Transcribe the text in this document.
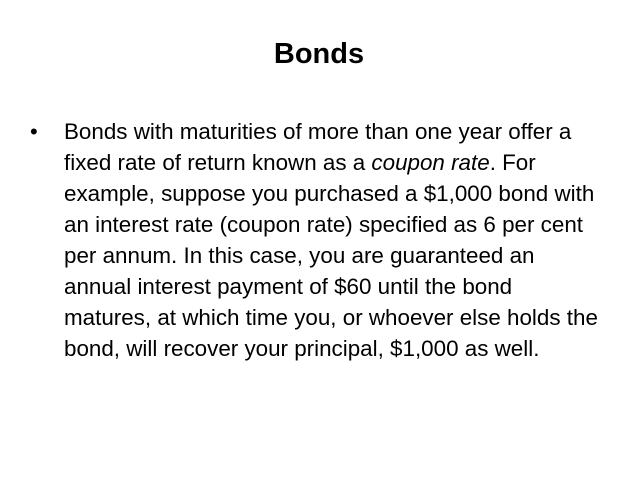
Bonds
•	Bonds with maturities of more than one year offer a fixed rate of return known as a coupon rate. For example, suppose you purchased a $1,000 bond with an interest rate (coupon rate) specified as 6 per cent per annum. In this case, you are guaranteed an annual interest payment of $60 until the bond matures, at which time you, or whoever else holds the bond, will recover your principal, $1,000 as well.
